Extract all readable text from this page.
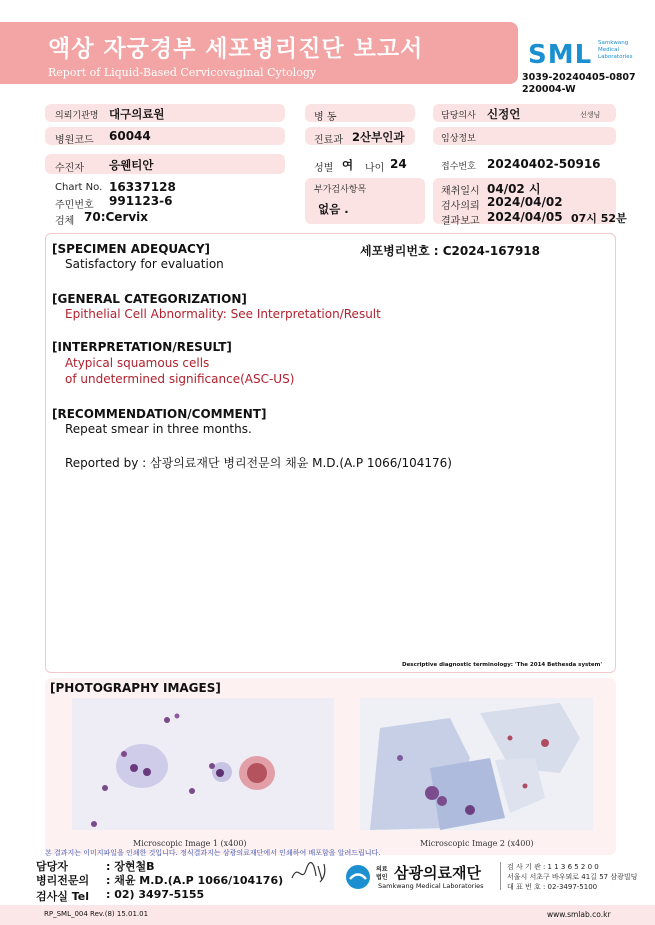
액상 자궁경부 세포병리진단 보고서
Report of Liquid-Based Cervicovaginal Cytology
SML Samkwang
Medical
Laboratories
3039-20240405-0807
220004-W
의뢰기관명 대구의료원	병 동	담당의사 신정언	선생님
병원코드 60044	진료과 2산부인과	임상정보
수진자 응웬티안	성별 여 나이 24	접수번호 20240402-50916
Chart No. 16337128
주민번호 991123-6
검체 70:Cervix
부가검사항목
없음 .
채취일시 04/02 시
검사의뢰 2024/04/02
결과보고 2024/04/05 07시 52분
[SPECIMEN ADEQUACY]	세포병리번호 : C2024-167918
Satisfactory for evaluation
[GENERAL CATEGORIZATION]
Epithelial Cell Abnormality: See Interpretation/Result
[INTERPRETATION/RESULT]
Atypical squamous cells
of undetermined significance(ASC-US)
[RECOMMENDATION/COMMENT]
Repeat smear in three months.
Reported by : 삼광의료재단 병리전문의 채윤 M.D.(A.P 1066/104176)
Descriptive diagnostic terminology: 'The 2014 Bethesda system'
[PHOTOGRAPHY IMAGES]
Microscopic Image 1 (x400)	Microscopic Image 2 (x400)
본 결과지는 이미지파일을 인쇄한 것입니다. 정식결과지는 삼광의료재단에서 인쇄하여 배포함을 알려드립니다.
담당자	: 장현철B
병리전문의 : 채윤 M.D.(A.P 1066/104176)
검사실 Tel : 02) 3497-5155
의료
법인 삼광의료재단
Samkwang Medical Laboratories
검 사 기 관 : 1 1 3 6 5 2 0 0
서울시 서초구 바우뫼로 41길 57 삼광빌딩
대 표 번 호 : 02-3497-5100
RP_SML_004 Rev.(8) 15.01.01	www.smlab.co.kr
